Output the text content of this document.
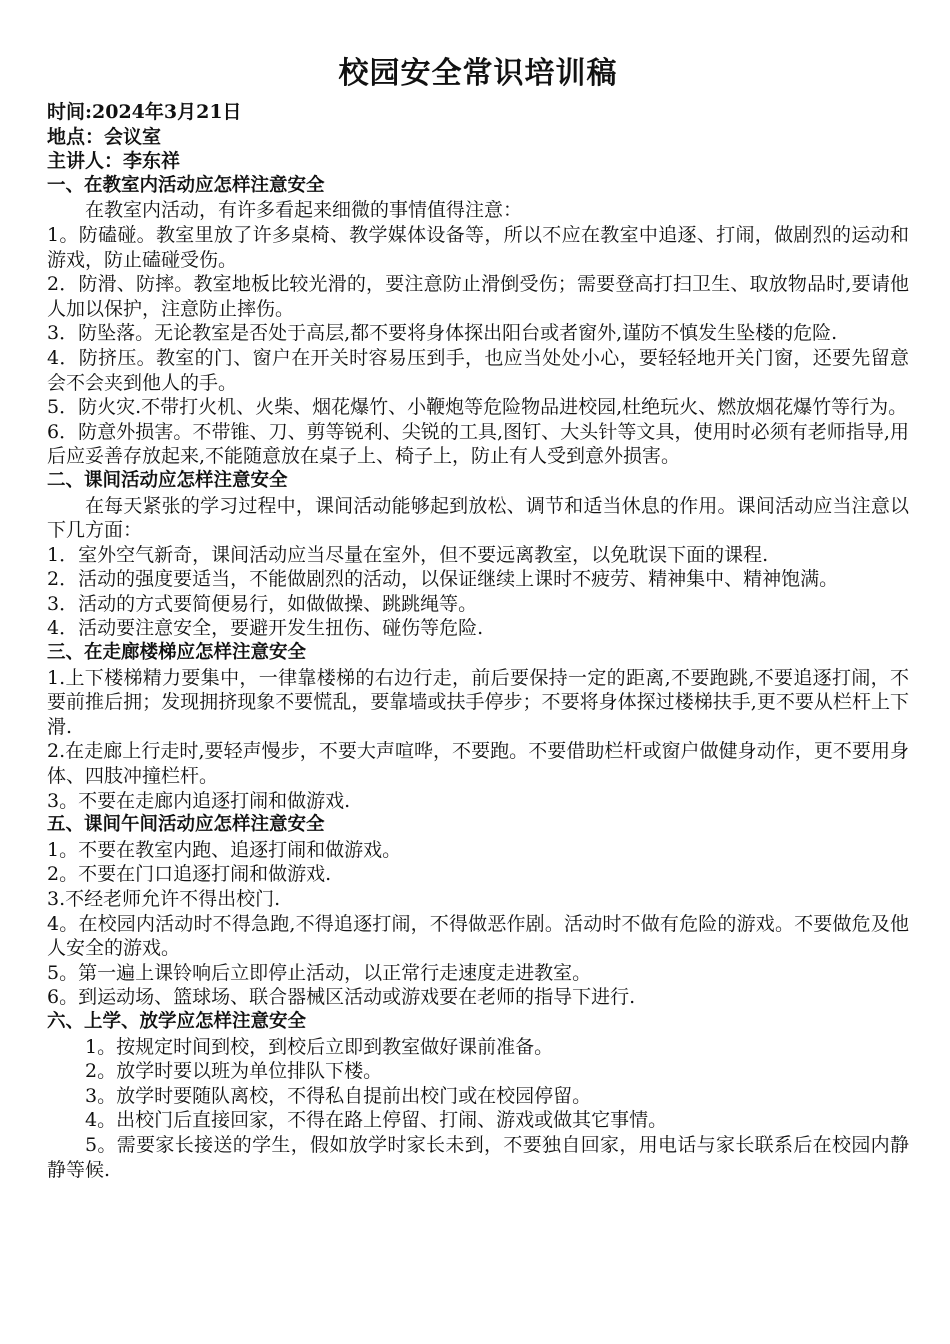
校园安全常识培训稿

时间:2024年3月21日

地点：会议室

主讲人：李东祥

一、在教室内活动应怎样注意安全

在教室内活动，有许多看起来细微的事情值得注意：

1。防磕碰。教室里放了许多桌椅、教学媒体设备等，所以不应在教室中追逐、打闹，做剧烈的运动和游戏，防止磕碰受伤。

2．防滑、防摔。教室地板比较光滑的，要注意防止滑倒受伤；需要登高打扫卫生、取放物品时,要请他人加以保护，注意防止摔伤。

3．防坠落。无论教室是否处于高层,都不要将身体探出阳台或者窗外,谨防不慎发生坠楼的危险.

4．防挤压。教室的门、窗户在开关时容易压到手，也应当处处小心，要轻轻地开关门窗，还要先留意会不会夹到他人的手。

5．防火灾.不带打火机、火柴、烟花爆竹、小鞭炮等危险物品进校园,杜绝玩火、燃放烟花爆竹等行为。

6．防意外损害。不带锥、刀、剪等锐利、尖锐的工具,图钉、大头针等文具，使用时必须有老师指导,用后应妥善存放起来,不能随意放在桌子上、椅子上，防止有人受到意外损害。

二、课间活动应怎样注意安全

在每天紧张的学习过程中，课间活动能够起到放松、调节和适当休息的作用。课间活动应当注意以下几方面：

1．室外空气新奇，课间活动应当尽量在室外，但不要远离教室，以免耽误下面的课程.

2．活动的强度要适当，不能做剧烈的活动，以保证继续上课时不疲劳、精神集中、精神饱满。

3．活动的方式要简便易行，如做做操、跳跳绳等。

4．活动要注意安全，要避开发生扭伤、碰伤等危险.

三、在走廊楼梯应怎样注意安全

1.上下楼梯精力要集中，一律靠楼梯的右边行走，前后要保持一定的距离,不要跑跳,不要追逐打闹，不要前推后拥；发现拥挤现象不要慌乱，要靠墙或扶手停步；不要将身体探过楼梯扶手,更不要从栏杆上下滑.

2.在走廊上行走时,要轻声慢步，不要大声喧哗，不要跑。不要借助栏杆或窗户做健身动作，更不要用身体、四肢冲撞栏杆。

3。不要在走廊内追逐打闹和做游戏.

五、课间午间活动应怎样注意安全

1。不要在教室内跑、追逐打闹和做游戏。

2。不要在门口追逐打闹和做游戏.

3.不经老师允许不得出校门.

4。在校园内活动时不得急跑,不得追逐打闹，不得做恶作剧。活动时不做有危险的游戏。不要做危及他人安全的游戏。

5。第一遍上课铃响后立即停止活动，以正常行走速度走进教室。

6。到运动场、篮球场、联合器械区活动或游戏要在老师的指导下进行.

六、上学、放学应怎样注意安全

1。按规定时间到校，到校后立即到教室做好课前准备。

2。放学时要以班为单位排队下楼。

3。放学时要随队离校，不得私自提前出校门或在校园停留。

4。出校门后直接回家，不得在路上停留、打闹、游戏或做其它事情。

5。需要家长接送的学生，假如放学时家长未到，不要独自回家，用电话与家长联系后在校园内静静等候.
